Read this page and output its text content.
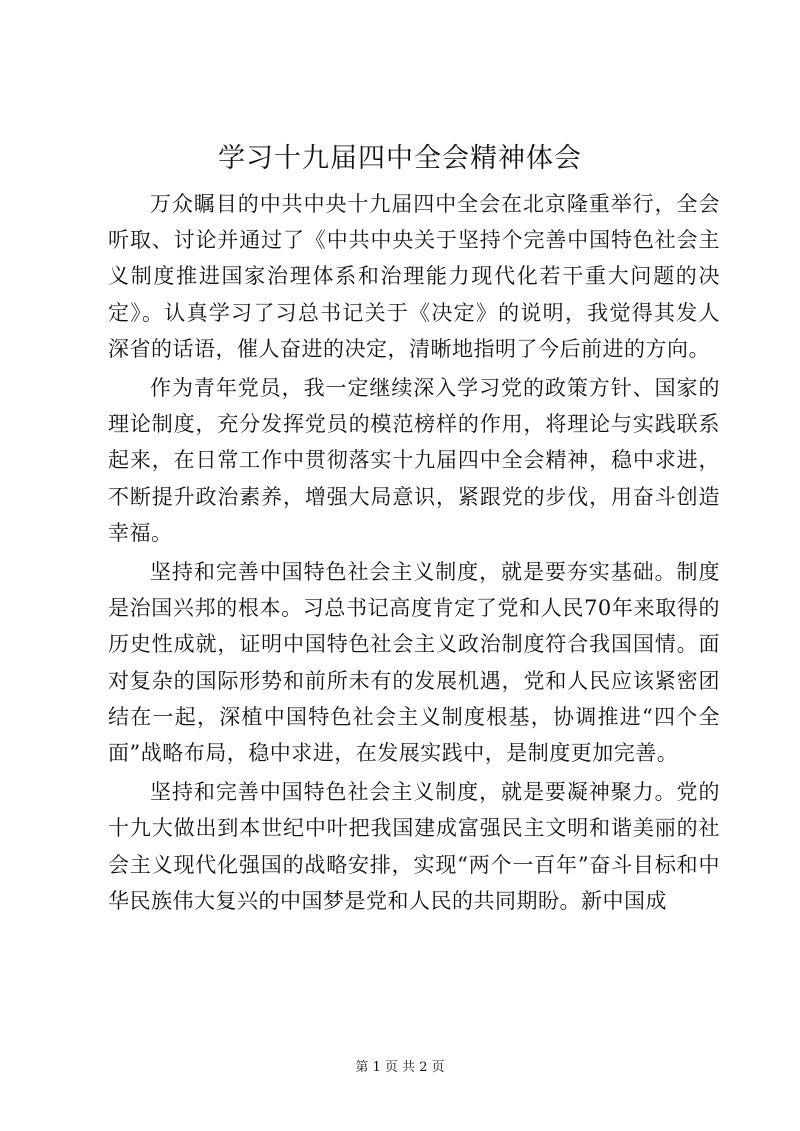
学习十九届四中全会精神体会

万众瞩目的中共中央十九届四中全会在北京隆重举行，全会听取、讨论并通过了《中共中央关于坚持个完善中国特色社会主义制度推进国家治理体系和治理能力现代化若干重大问题的决定》。认真学习了习总书记关于《决定》的说明，我觉得其发人深省的话语，催人奋进的决定，清晰地指明了今后前进的方向。

作为青年党员，我一定继续深入学习党的政策方针、国家的理论制度，充分发挥党员的模范榜样的作用，将理论与实践联系起来，在日常工作中贯彻落实十九届四中全会精神，稳中求进，不断提升政治素养，增强大局意识，紧跟党的步伐，用奋斗创造幸福。

坚持和完善中国特色社会主义制度，就是要夯实基础。制度是治国兴邦的根本。习总书记高度肯定了党和人民70年来取得的历史性成就，证明中国特色社会主义政治制度符合我国国情。面对复杂的国际形势和前所未有的发展机遇，党和人民应该紧密团结在一起，深植中国特色社会主义制度根基，协调推进“四个全面”战略布局，稳中求进，在发展实践中，是制度更加完善。

坚持和完善中国特色社会主义制度，就是要凝神聚力。党的十九大做出到本世纪中叶把我国建成富强民主文明和谐美丽的社会主义现代化强国的战略安排，实现“两个一百年”奋斗目标和中华民族伟大复兴的中国梦是党和人民的共同期盼。新中国成

第 1 页 共 2 页
